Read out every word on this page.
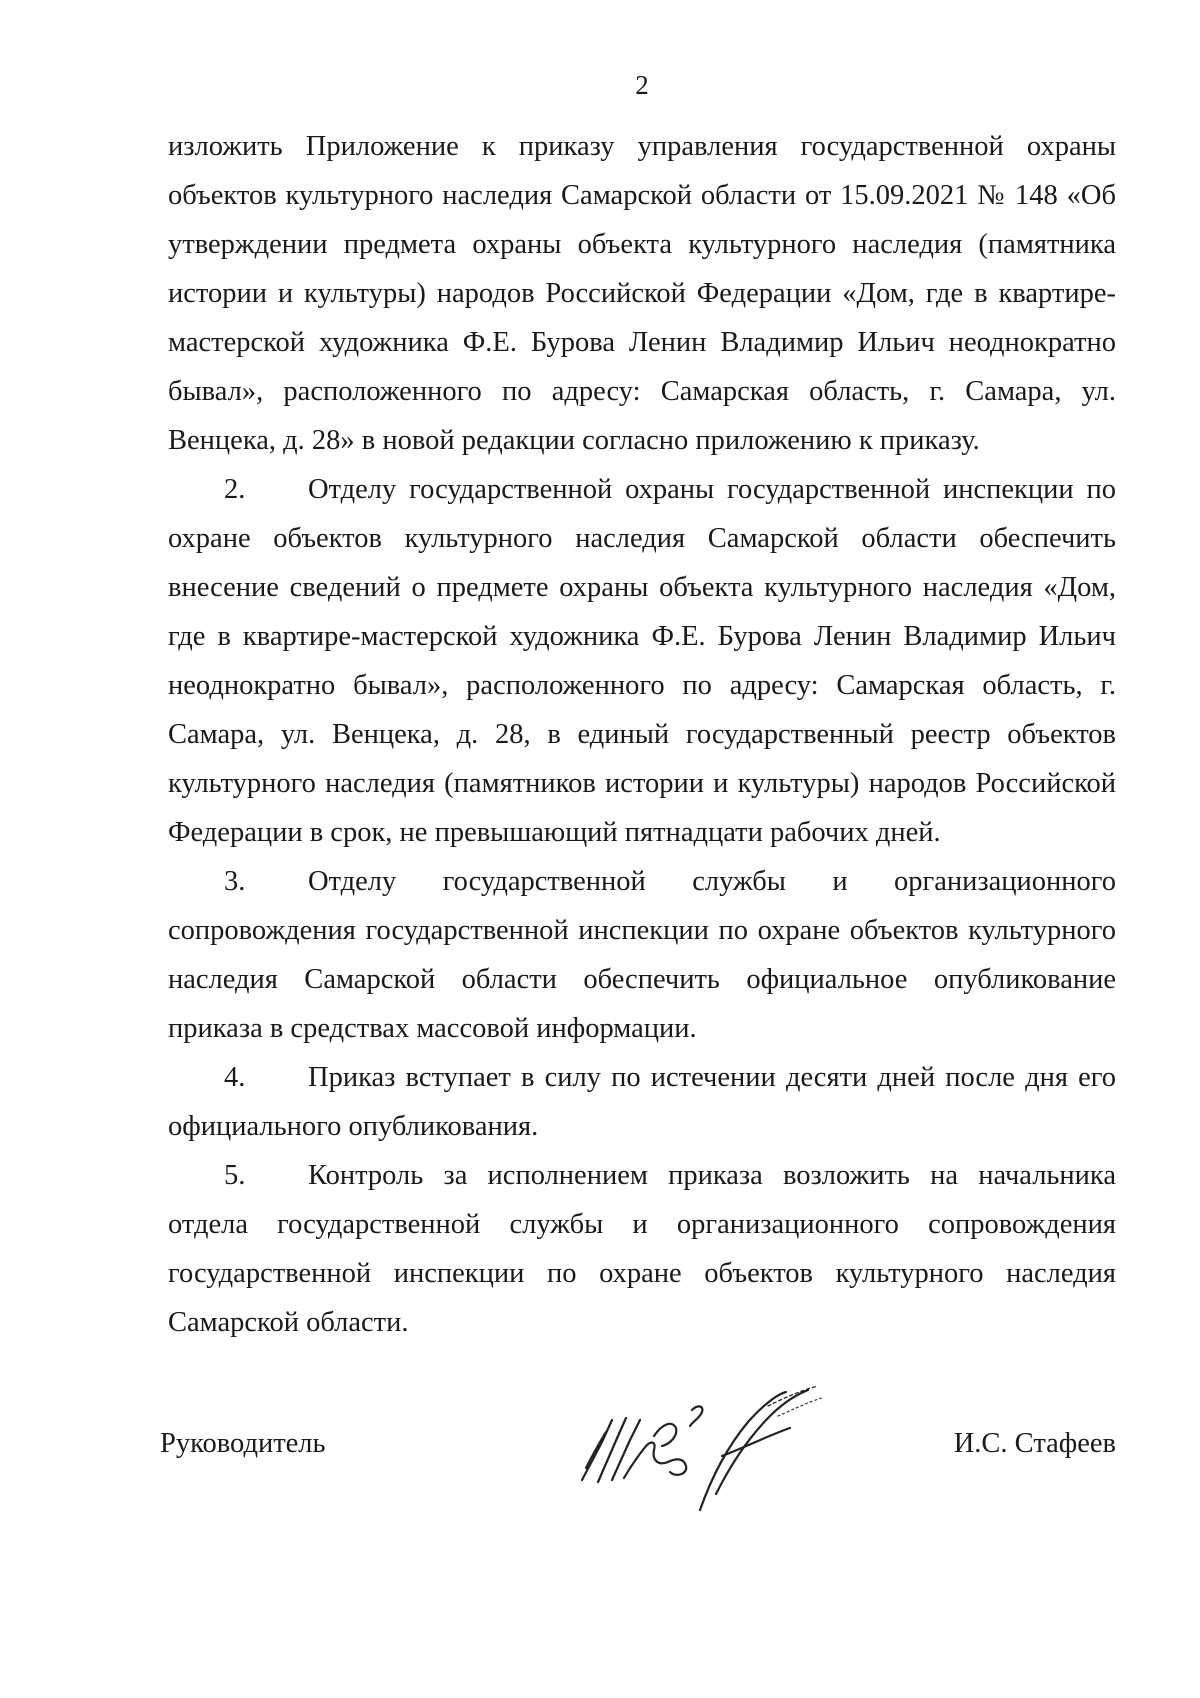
2

изложить Приложение к приказу управления государственной охраны объектов культурного наследия Самарской области от 15.09.2021 № 148 «Об утверждении предмета охраны объекта культурного наследия (памятника истории и культуры) народов Российской Федерации «Дом, где в квартире-мастерской художника Ф.Е. Бурова Ленин Владимир Ильич неоднократно бывал», расположенного по адресу: Самарская область, г. Самара, ул. Венцека, д. 28» в новой редакции согласно приложению к приказу.

2. Отделу государственной охраны государственной инспекции по охране объектов культурного наследия Самарской области обеспечить внесение сведений о предмете охраны объекта культурного наследия «Дом, где в квартире-мастерской художника Ф.Е. Бурова Ленин Владимир Ильич неоднократно бывал», расположенного по адресу: Самарская область, г. Самара, ул. Венцека, д. 28, в единый государственный реестр объектов культурного наследия (памятников истории и культуры) народов Российской Федерации в срок, не превышающий пятнадцати рабочих дней.

3. Отделу государственной службы и организационного сопровождения государственной инспекции по охране объектов культурного наследия Самарской области обеспечить официальное опубликование приказа в средствах массовой информации.

4. Приказ вступает в силу по истечении десяти дней после дня его официального опубликования.

5. Контроль за исполнением приказа возложить на начальника отдела государственной службы и организационного сопровождения государственной инспекции по охране объектов культурного наследия Самарской области.

Руководитель	И.С. Стафеев
